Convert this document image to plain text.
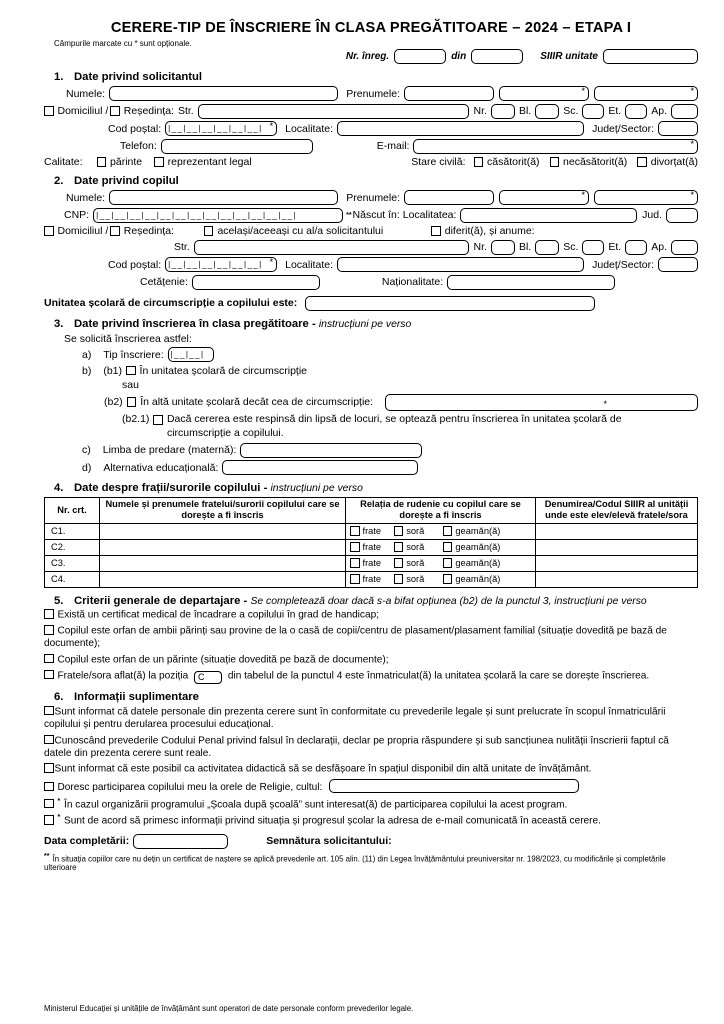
CERERE-TIP DE ÎNSCRIERE ÎN CLASA PREGĂTITOARE – 2024 – ETAPA I
Câmpurile marcate cu * sunt opționale.
Nr. înreg.	din	SIIIR unitate
1. Date privind solicitantul
Numele:	Prenumele:	*	*
Domiciliul / Reședința: Str.	Nr.	Bl.	Sc.	Et.	Ap.
Cod poștal: |__|__|__|__|__|__| * Localitate:	Județ/Sector:
Telefon:	E-mail:	*
Calitate:	părinte reprezentant legal	Stare civilă: căsătorit(ă) necăsătorit(ă) divorțat(ă)
2. Date privind copilul
Numele:	Prenumele:	*	*
CNP: |__|__|__|__|__|__|__|__|__|__|__|__|__|	** Născut în: Localitatea:	Jud.
Domiciliul / Reședința:	același/aceeași cu al/a solicitantului	diferit(ă), și anume:
Str.	Nr.	Bl.	Sc.	Et.	Ap.
Cod poștal: |__|__|__|__|__|__| * Localitate:	Județ/Sector:
Cetățenie:	Naționalitate:
Unitatea școlară de circumscripție a copilului este:
3. Date privind înscrierea în clasa pregătitoare - instrucțiuni pe verso
Se solicită înscrierea astfel:
a) Tip înscriere: |__|__|
b) (b1) În unitatea școlară de circumscripție
sau
(b2) În altă unitate școlară decât cea de circumscripție:	*
(b2.1) Dacă cererea este respinsă din lipsă de locuri, se optează pentru înscrierea în unitatea școlară de circumscripție a copilului.
c) Limba de predare (maternă):
d) Alternativa educațională:
4. Date despre frații/surorile copilului - instrucțiuni pe verso
Nr. crt.	Numele și prenumele fratelui/surorii copilului care se dorește a fi înscris	Relația de rudenie cu copilul care se dorește a fi înscris	Denumirea/Codul SIIIR al unității unde este elev/elevă fratele/sora
C1.		frate soră geamăn(ă)	
C2.		frate soră geamăn(ă)	
C3.		frate soră geamăn(ă)	
C4.		frate soră geamăn(ă)	
5. Criterii generale de departajare - Se completează doar dacă s-a bifat opțiunea (b2) de la punctul 3, instrucțiuni pe verso
Există un certificat medical de încadrare a copilului în grad de handicap;
Copilul este orfan de ambii părinți sau provine de la o casă de copii/centru de plasament/plasament familial (situație dovedită pe bază de documente);
Copilul este orfan de un părinte (situație dovedită pe bază de documente);
Fratele/sora aflat(ă) la poziția C din tabelul de la punctul 4 este înmatriculat(ă) la unitatea școlară la care se dorește înscrierea.
6. Informații suplimentare
Sunt informat că datele personale din prezenta cerere sunt în conformitate cu prevederile legale și sunt prelucrate în scopul înmatriculării copilului și pentru derularea procesului educațional.
Cunoscând prevederile Codului Penal privind falsul în declarații, declar pe propria răspundere și sub sancțiunea nulității înscrierii faptul că datele din prezenta cerere sunt reale.
Sunt informat că este posibil ca activitatea didactică să se desfășoare în spațiul disponibil din altă unitate de învățământ.
Doresc participarea copilului meu la orele de Religie, cultul:
* În cazul organizării programului „Școala după școală” sunt interesat(ă) de participarea copilului la acest program.
* Sunt de acord să primesc informații privind situația și progresul școlar la adresa de e-mail comunicată în această cerere.
Data completării:	Semnătura solicitantului:
** În situația copiilor care nu dețin un certificat de naștere se aplică prevederile art. 105 alin. (11) din Legea învățământului preuniversitar nr. 198/2023, cu modificările și completările ulterioare
Ministerul Educației și unitățile de învățământ sunt operatori de date personale conform prevederilor legale.
